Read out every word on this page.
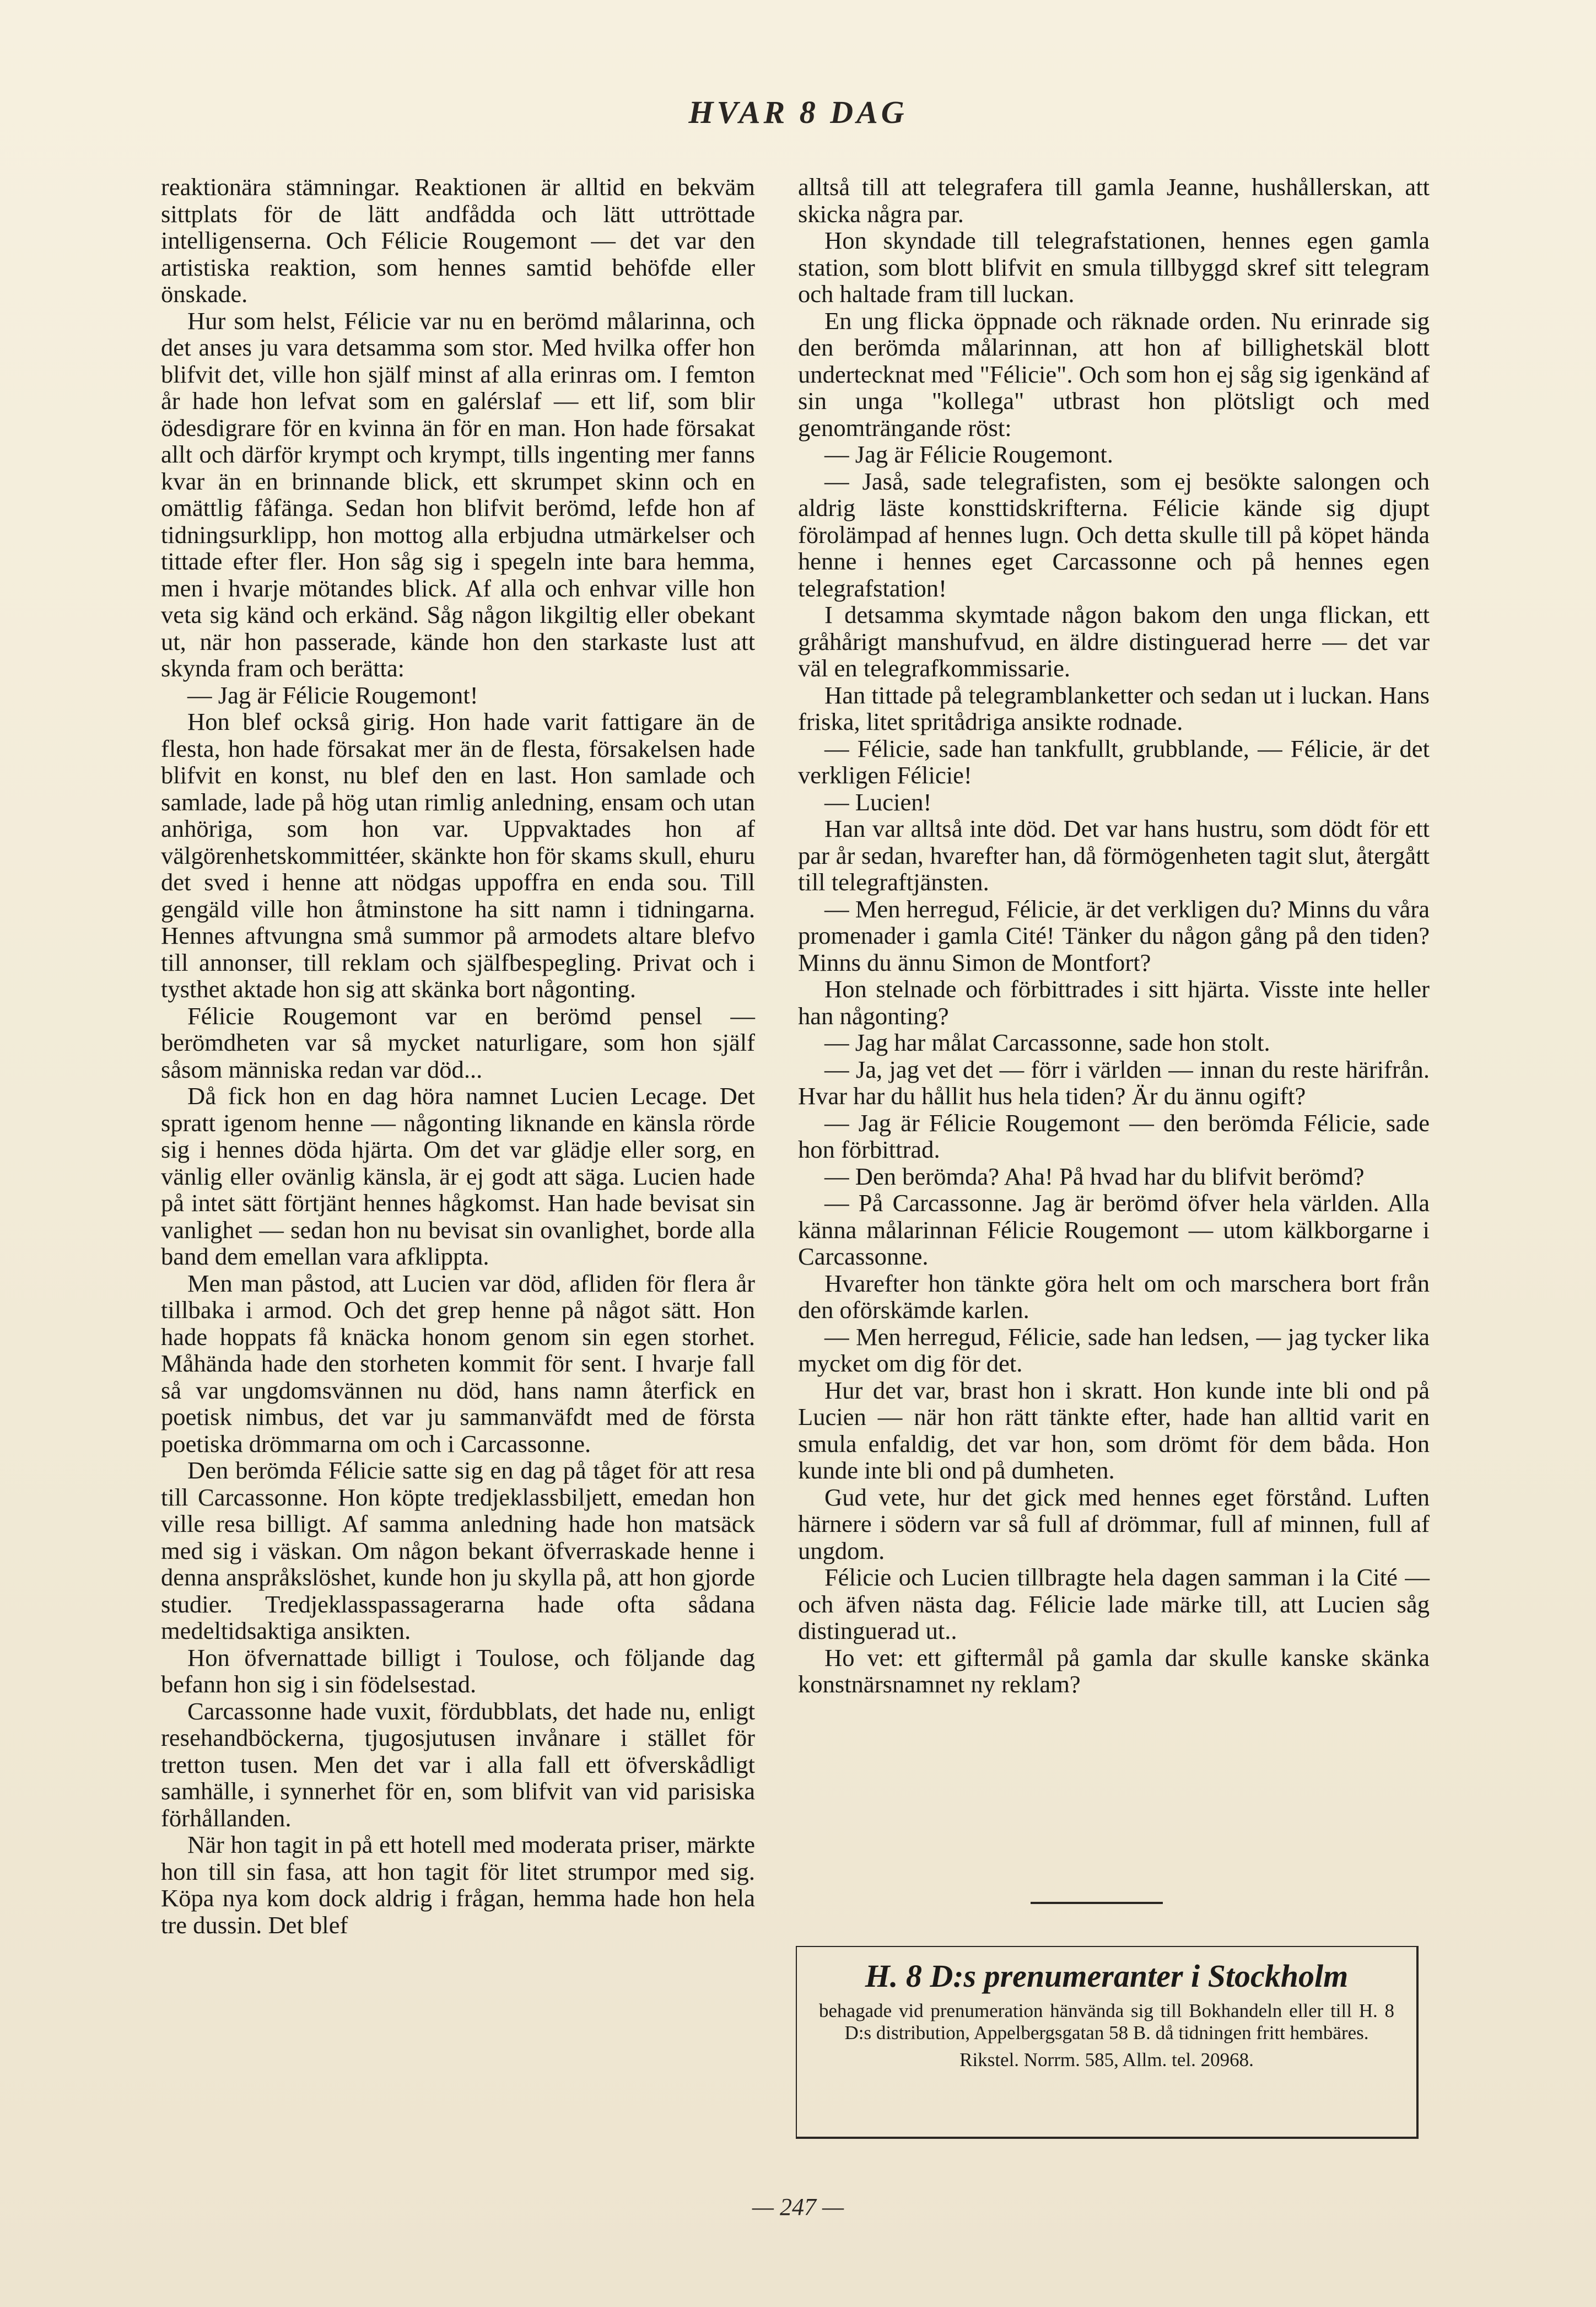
HVAR 8 DAG

reaktionära stämningar. Reaktionen är alltid en bekväm sittplats för de lätt andfådda och lätt uttröttade intelligenserna. Och Félicie Rougemont — det var den artistiska reaktion, som hennes samtid behöfde eller önskade.

Hur som helst, Félicie var nu en berömd målarinna, och det anses ju vara detsamma som stor. Med hvilka offer hon blifvit det, ville hon själf minst af alla erinras om. I femton år hade hon lefvat som en galérslaf — ett lif, som blir ödesdigrare för en kvinna än för en man. Hon hade försakat allt och därför krympt och krympt, tills ingenting mer fanns kvar än en brinnande blick, ett skrumpet skinn och en omättlig fåfänga. Sedan hon blifvit berömd, lefde hon af tidningsurklipp, hon mottog alla erbjudna utmärkelser och tittade efter fler. Hon såg sig i spegeln inte bara hemma, men i hvarje mötandes blick. Af alla och enhvar ville hon veta sig känd och erkänd. Såg någon likgiltig eller obekant ut, när hon passerade, kände hon den starkaste lust att skynda fram och berätta:

— Jag är Félicie Rougemont!

Hon blef också girig. Hon hade varit fattigare än de flesta, hon hade försakat mer än de flesta, försakelsen hade blifvit en konst, nu blef den en last. Hon samlade och samlade, lade på hög utan rimlig anledning, ensam och utan anhöriga, som hon var. Uppvaktades hon af välgörenhetskommittéer, skänkte hon för skams skull, ehuru det sved i henne att nödgas uppoffra en enda sou. Till gengäld ville hon åtminstone ha sitt namn i tidningarna. Hennes aftvungna små summor på armodets altare blefvo till annonser, till reklam och själfbespegling. Privat och i tysthet aktade hon sig att skänka bort någonting.

Félicie Rougemont var en berömd pensel — berömdheten var så mycket naturligare, som hon själf såsom människa redan var död...

Då fick hon en dag höra namnet Lucien Lecage. Det spratt igenom henne — någonting liknande en känsla rörde sig i hennes döda hjärta. Om det var glädje eller sorg, en vänlig eller ovänlig känsla, är ej godt att säga. Lucien hade på intet sätt förtjänt hennes hågkomst. Han hade bevisat sin vanlighet — sedan hon nu bevisat sin ovanlighet, borde alla band dem emellan vara afklippta.

Men man påstod, att Lucien var död, afliden för flera år tillbaka i armod. Och det grep henne på något sätt. Hon hade hoppats få knäcka honom genom sin egen storhet. Måhända hade den storheten kommit för sent. I hvarje fall så var ungdomsvännen nu död, hans namn återfick en poetisk nimbus, det var ju sammanväfdt med de första poetiska drömmarna om och i Carcassonne.

Den berömda Félicie satte sig en dag på tåget för att resa till Carcassonne. Hon köpte tredjeklassbiljett, emedan hon ville resa billigt. Af samma anledning hade hon matsäck med sig i väskan. Om någon bekant öfverraskade henne i denna anspråkslöshet, kunde hon ju skylla på, att hon gjorde studier. Tredjeklasspassagerarna hade ofta sådana medeltidsaktiga ansikten.

Hon öfvernattade billigt i Toulose, och följande dag befann hon sig i sin födelsestad.

Carcassonne hade vuxit, fördubblats, det hade nu, enligt resehandböckerna, tjugosjutusen invånare i stället för tretton tusen. Men det var i alla fall ett öfverskådligt samhälle, i synnerhet för en, som blifvit van vid parisiska förhållanden.

När hon tagit in på ett hotell med moderata priser, märkte hon till sin fasa, att hon tagit för litet strumpor med sig. Köpa nya kom dock aldrig i frågan, hemma hade hon hela tre dussin. Det blef

alltså till att telegrafera till gamla Jeanne, hushållerskan, att skicka några par.

Hon skyndade till telegrafstationen, hennes egen gamla station, som blott blifvit en smula tillbyggd skref sitt telegram och haltade fram till luckan.

En ung flicka öppnade och räknade orden. Nu erinrade sig den berömda målarinnan, att hon af billighetskäl blott undertecknat med "Félicie". Och som hon ej såg sig igenkänd af sin unga "kollega" utbrast hon plötsligt och med genomträngande röst:

— Jag är Félicie Rougemont.

— Jaså, sade telegrafisten, som ej besökte salongen och aldrig läste konsttidskrifterna. Félicie kände sig djupt förolämpad af hennes lugn. Och detta skulle till på köpet hända henne i hennes eget Carcassonne och på hennes egen telegrafstation!

I detsamma skymtade någon bakom den unga flickan, ett gråhårigt manshufvud, en äldre distinguerad herre — det var väl en telegrafkommissarie.

Han tittade på telegramblanketter och sedan ut i luckan. Hans friska, litet spritådriga ansikte rodnade.

— Félicie, sade han tankfullt, grubblande, — Félicie, är det verkligen Félicie!

— Lucien!

Han var alltså inte död. Det var hans hustru, som dödt för ett par år sedan, hvarefter han, då förmögenheten tagit slut, återgått till telegraftjänsten.

— Men herregud, Félicie, är det verkligen du? Minns du våra promenader i gamla Cité! Tänker du någon gång på den tiden? Minns du ännu Simon de Montfort?

Hon stelnade och förbittrades i sitt hjärta. Visste inte heller han någonting?

— Jag har målat Carcassonne, sade hon stolt.

— Ja, jag vet det — förr i världen — innan du reste härifrån. Hvar har du hållit hus hela tiden? Är du ännu ogift?

— Jag är Félicie Rougemont — den berömda Félicie, sade hon förbittrad.

— Den berömda? Aha! På hvad har du blifvit berömd?

— På Carcassonne. Jag är berömd öfver hela världen. Alla känna målarinnan Félicie Rougemont — utom kälkborgarne i Carcassonne.

Hvarefter hon tänkte göra helt om och marschera bort från den oförskämde karlen.

— Men herregud, Félicie, sade han ledsen, — jag tycker lika mycket om dig för det.

Hur det var, brast hon i skratt. Hon kunde inte bli ond på Lucien — när hon rätt tänkte efter, hade han alltid varit en smula enfaldig, det var hon, som drömt för dem båda. Hon kunde inte bli ond på dumheten.

Gud vete, hur det gick med hennes eget förstånd. Luften härnere i södern var så full af drömmar, full af minnen, full af ungdom.

Félicie och Lucien tillbragte hela dagen samman i la Cité — och äfven nästa dag. Félicie lade märke till, att Lucien såg distinguerad ut..

Ho vet: ett giftermål på gamla dar skulle kanske skänka konstnärsnamnet ny reklam?

H. 8 D:s prenumeranter i Stockholm
behagade vid prenumeration hänvända sig till Bokhandeln eller till H. 8 D:s distribution, Appelbergsgatan 58 B. då tidningen fritt hembäres.
Rikstel. Norrm. 585, Allm. tel. 20968.
— 247 —
